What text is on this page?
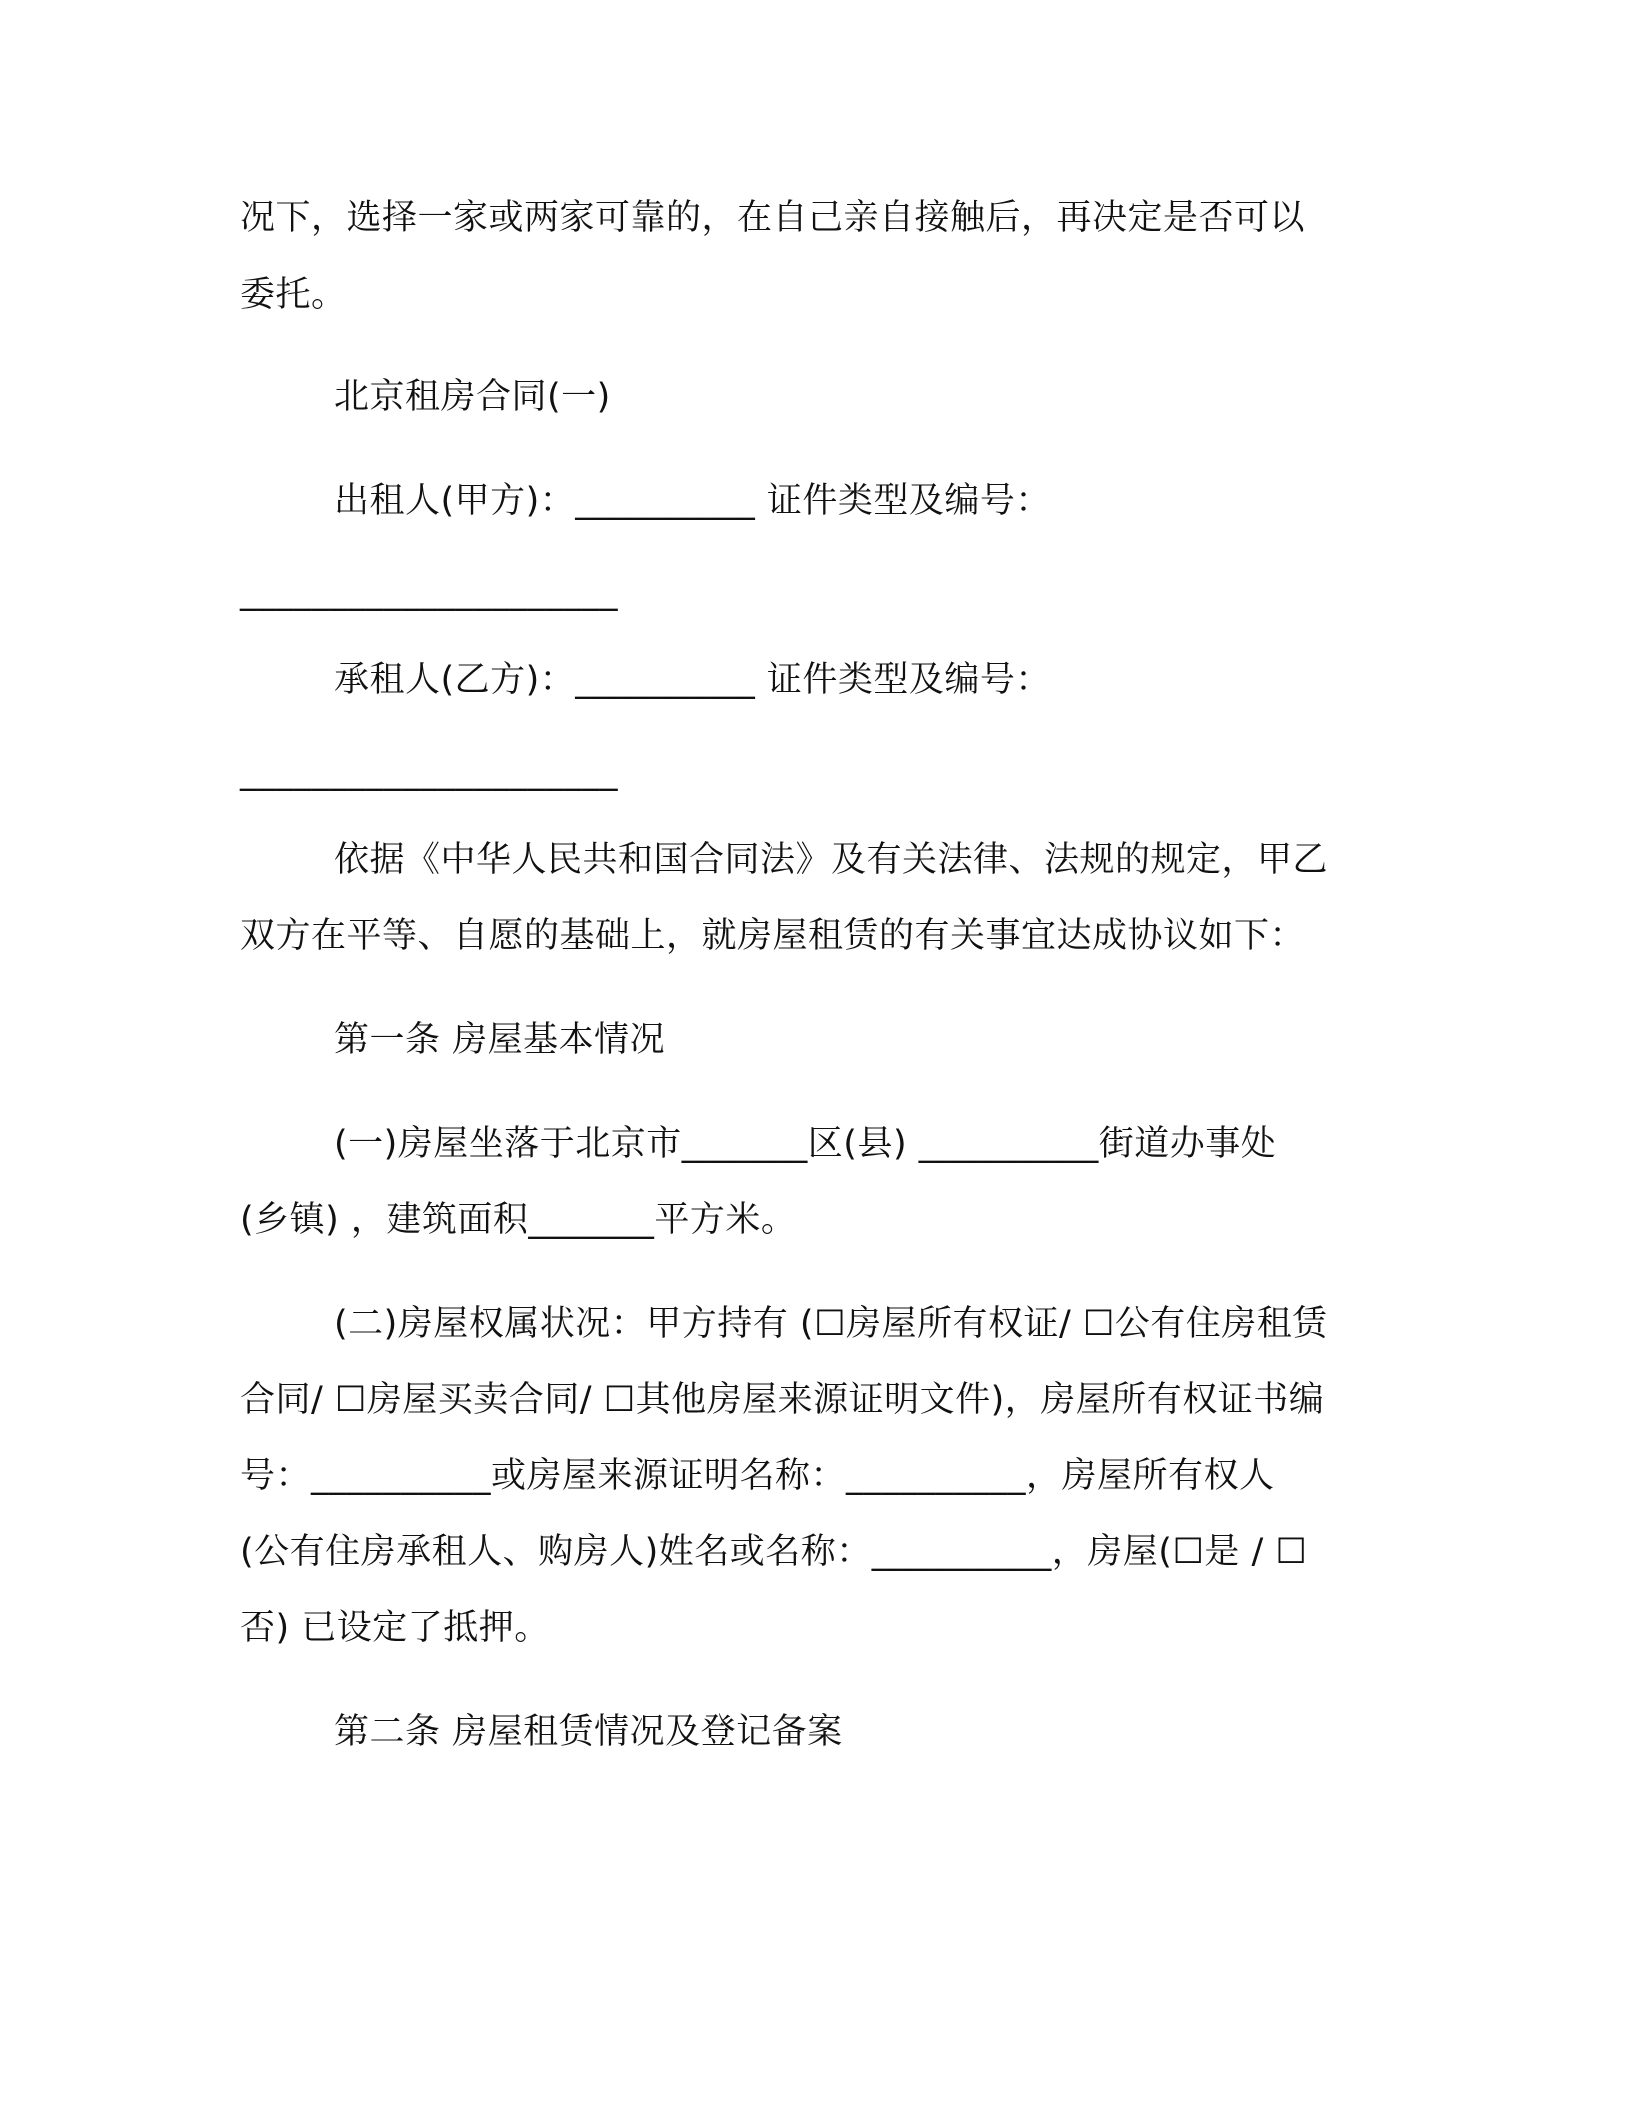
况下，选择一家或两家可靠的，在自己亲自接触后，再决定是否可以
委托。
北京租房合同(一)
出租人(甲方)：__________ 证件类型及编号：
_____________________
承租人(乙方)：__________ 证件类型及编号：
_____________________
依据《中华人民共和国合同法》及有关法律、法规的规定，甲乙
双方在平等、自愿的基础上，就房屋租赁的有关事宜达成协议如下：
第一条 房屋基本情况
(一)房屋坐落于北京市_______区(县) __________街道办事处
(乡镇) ，建筑面积_______平方米。
(二)房屋权属状况：甲方持有 (☐房屋所有权证/ ☐公有住房租赁
合同/ ☐房屋买卖合同/ ☐其他房屋来源证明文件)，房屋所有权证书编
号：__________或房屋来源证明名称：__________，房屋所有权人
(公有住房承租人、购房人)姓名或名称：__________，房屋(☐是 / ☐
否) 已设定了抵押。
第二条 房屋租赁情况及登记备案
